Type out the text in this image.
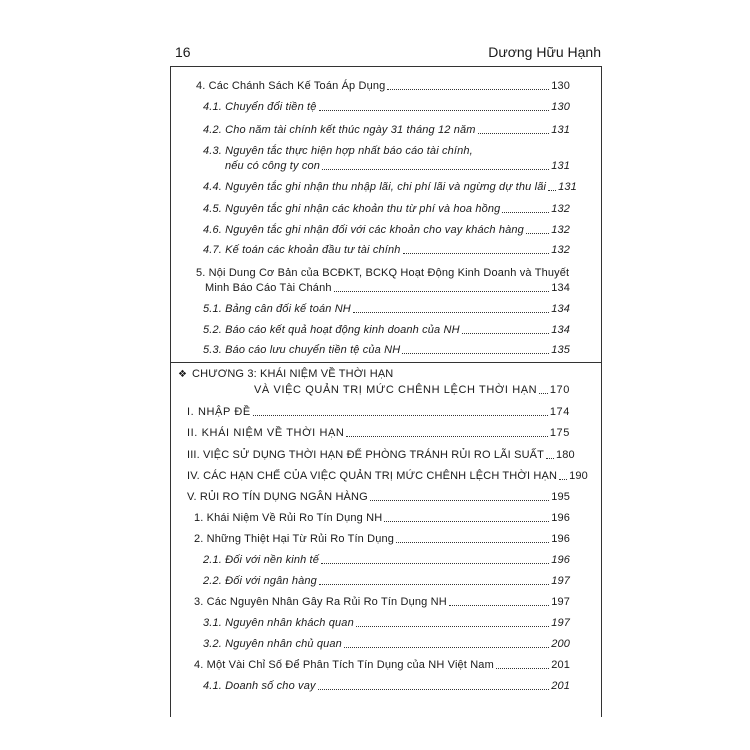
16	Dương Hữu Hạnh
4. Các Chánh Sách Kế Toán Áp Dụng	130
4.1. Chuyển đổi tiền tệ	130
4.2. Cho năm tài chính kết thúc ngày 31 tháng 12 năm	131
4.3. Nguyên tắc thực hiện hợp nhất báo cáo tài chính,
nếu có công ty con	131
4.4. Nguyên tắc ghi nhận thu nhập lãi, chi phí lãi và ngừng dự thu lãi 131
4.5. Nguyên tắc ghi nhận các khoản thu từ phí và hoa hồng	132
4.6. Nguyên tắc ghi nhận đối với các khoản cho vay khách hàng 132
4.7. Kế toán các khoản đầu tư tài chính	132
5. Nội Dung Cơ Bản của BCĐKT, BCKQ Hoạt Động Kinh Doanh và Thuyết
Minh Báo Cáo Tài Chánh	134
5.1. Bảng cân đối kế toán NH	134
5.2. Báo cáo kết quả hoạt động kinh doanh của NH	134
5.3. Báo cáo lưu chuyển tiền tệ của NH	135
❖ CHƯƠNG 3: KHÁI NIỆM VỀ THỜI HẠN
VÀ VIỆC QUẢN TRỊ MỨC CHÊNH LỆCH THỜI HẠN 170
I. NHẬP ĐỀ	174
II. KHÁI NIỆM VỀ THỜI HẠN	175
III. VIỆC SỬ DỤNG THỜI HẠN ĐỂ PHÒNG TRÁNH RỦI RO LÃI SUẤT 180
IV. CÁC HẠN CHẾ CỦA VIỆC QUẢN TRỊ MỨC CHÊNH LỆCH THỜI HẠN 190
V. RỦI RO TÍN DỤNG NGÂN HÀNG	195
1. Khái Niệm Về Rủi Ro Tín Dụng NH	196
2. Những Thiệt Hại Từ Rủi Ro Tín Dụng	196
2.1. Đối với nền kinh tế	196
2.2. Đối với ngân hàng	197
3. Các Nguyên Nhân Gây Ra Rủi Ro Tín Dụng NH	197
3.1. Nguyên nhân khách quan	197
3.2. Nguyên nhân chủ quan	200
4. Một Vài Chỉ Số Để Phân Tích Tín Dụng của NH Việt Nam	201
4.1. Doanh số cho vay	201
